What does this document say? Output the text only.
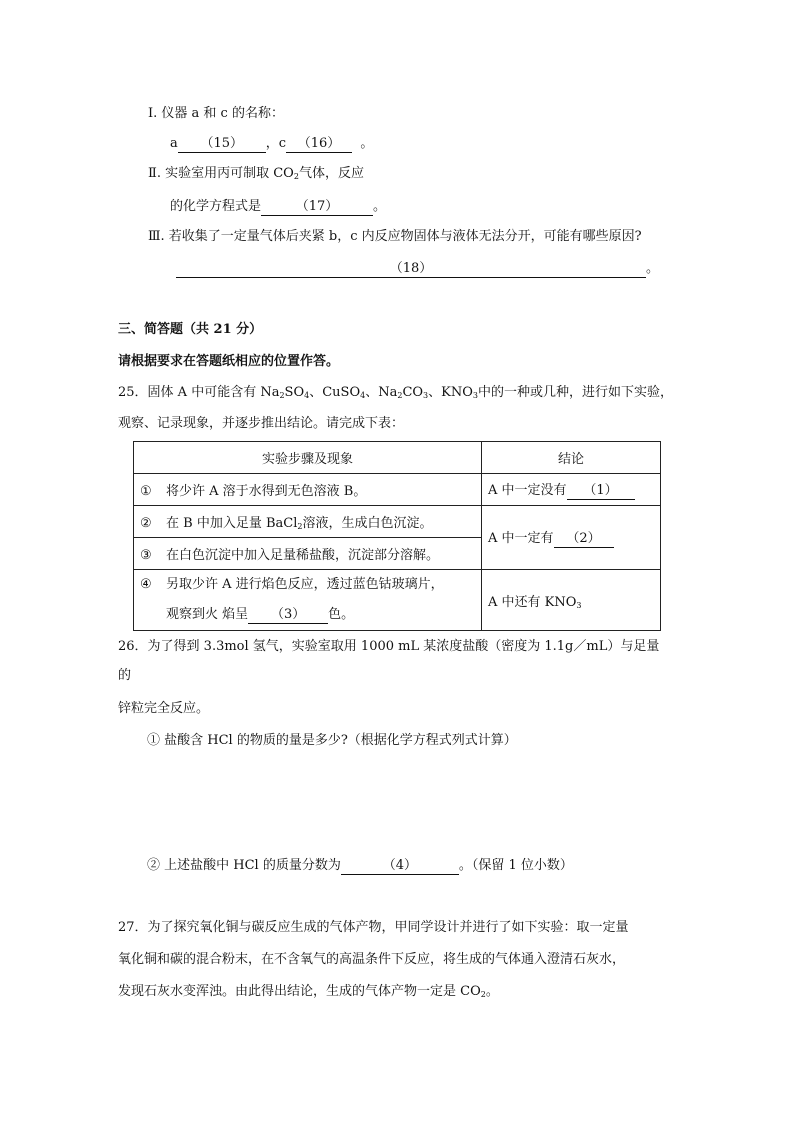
Ⅰ. 仪器 a 和 c 的名称：
a （15） ，c （16） 。
Ⅱ. 实验室用丙可制取 $CO_2$气体，反应
的化学方程式是	（17）	。
Ⅲ. 若收集了一定量气体后夹紧 b，c 内反应物固体与液体无法分开，可能有哪些原因?
（18）	。
三、简答题（共 21 分）
请根据要求在答题纸相应的位置作答。
25．固体 A 中可能含有 $Na_2SO_4$、CuSO$_4$、$Na_2CO_3$、$KNO_3$中的一种或几种，进行如下实验，
观察、记录现象，并逐步推出结论。请完成下表：
实验步骤及现象	结论
① 将少许 A 溶于水得到无色溶液 B。	A 中一定没有 （1）
② 在 B 中加入足量 BaCl$_2$溶液，生成白色沉淀。	A 中一定有 （2）
③ 在白色沉淀中加入足量稀盐酸，沉淀部分溶解。	

④ 另取少许 A 进行焰色反应，透过蓝色钴玻璃片，
观察到火 焰呈 （3） 色。	A 中还有 $KNO_3$
26．为了得到 3.3mol 氢气，实验室取用 1000 mL 某浓度盐酸（密度为 1.1g／mL）与足量
的
锌粒完全反应。
① 盐酸含 HCl 的物质的量是多少?（根据化学方程式列式计算）
② 上述盐酸中 HCl 的质量分数为	（4）	。（保留 1 位小数）
27．为了探究氧化铜与碳反应生成的气体产物，甲同学设计并进行了如下实验：取一定量
氧化铜和碳的混合粉末，在不含氧气的高温条件下反应，将生成的气体通入澄清石灰水，
发现石灰水变浑浊。由此得出结论，生成的气体产物一定是 $CO_2$。
